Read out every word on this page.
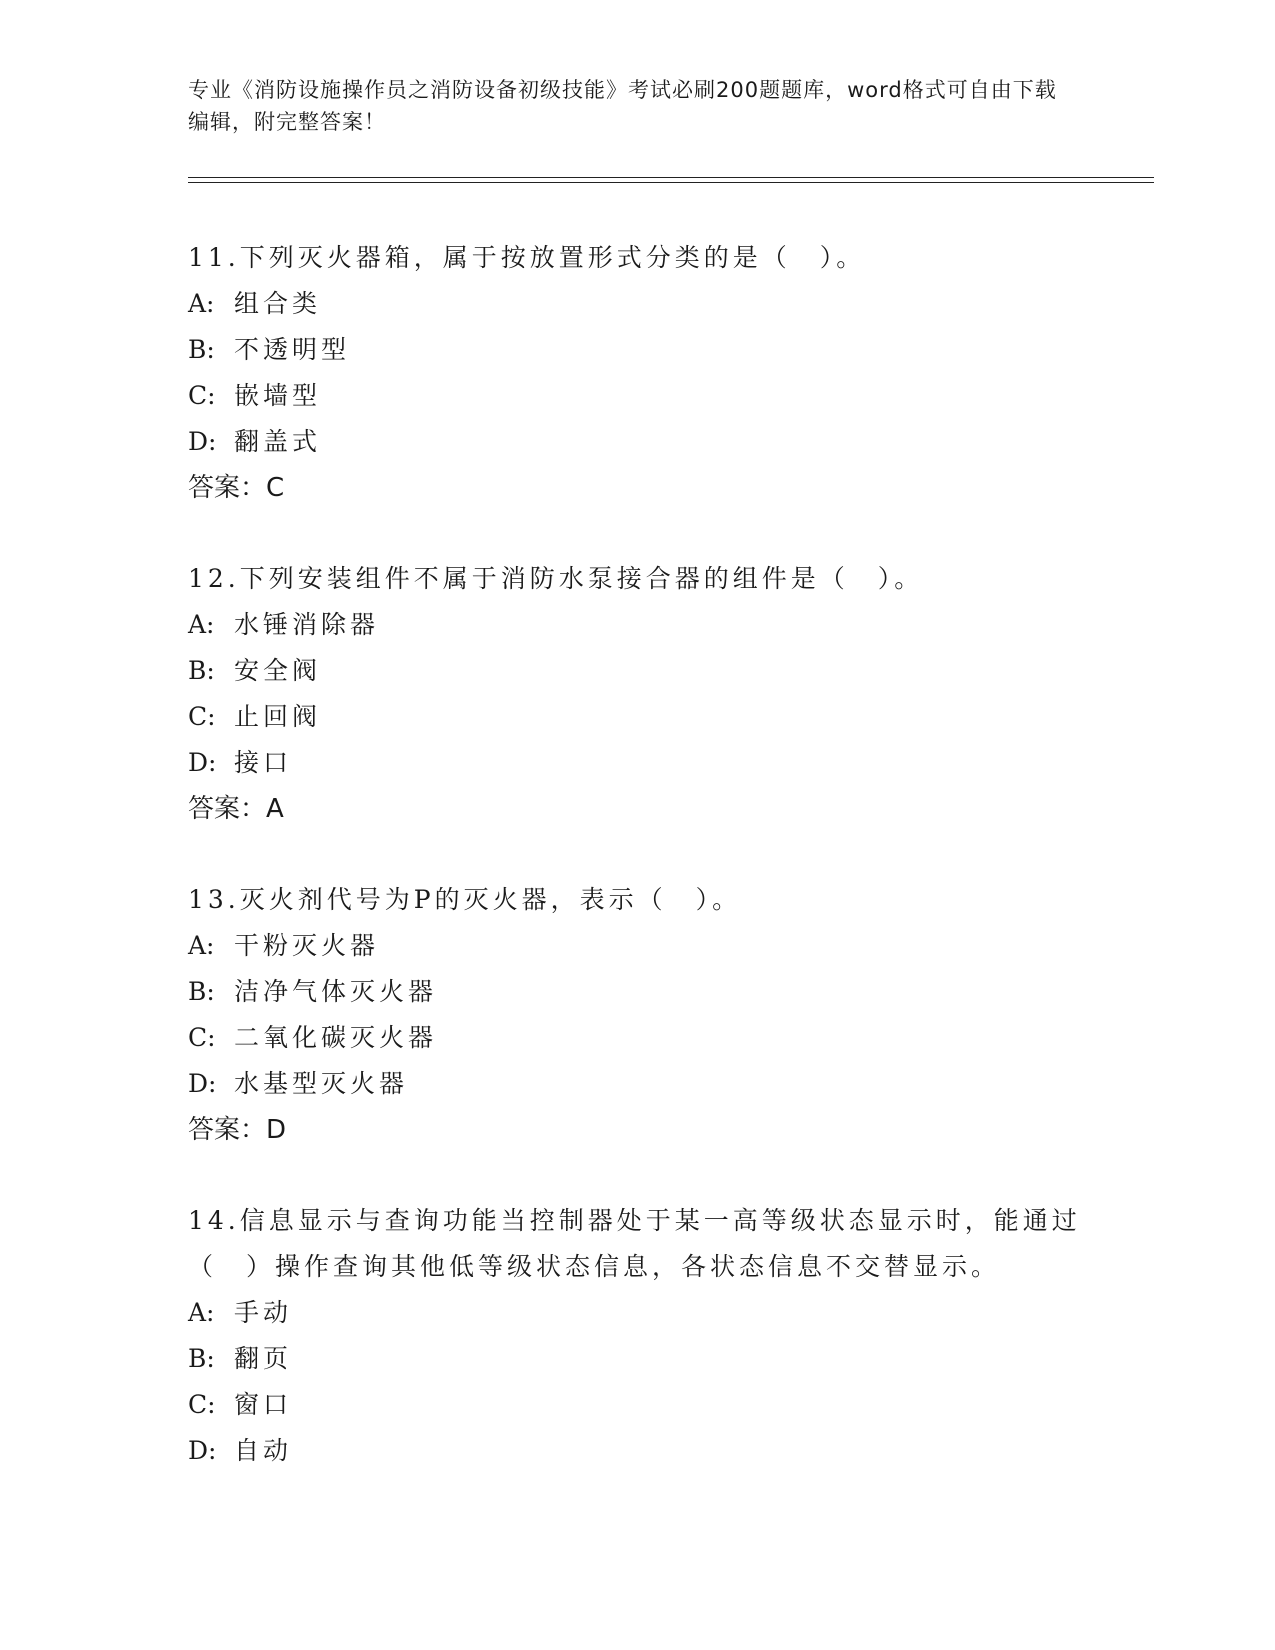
专业《消防设施操作员之消防设备初级技能》考试必刷200题题库，word格式可自由下载编辑，附完整答案！

11.下列灭火器箱，属于按放置形式分类的是（　）。

A: 组合类

B: 不透明型

C: 嵌墙型

D: 翻盖式

答案：C

12.下列安装组件不属于消防水泵接合器的组件是（　）。

A: 水锤消除器

B: 安全阀

C: 止回阀

D: 接口

答案：A

13.灭火剂代号为P的灭火器，表示（　）。

A: 干粉灭火器

B: 洁净气体灭火器

C: 二氧化碳灭火器

D: 水基型灭火器

答案：D

14.信息显示与查询功能当控制器处于某一高等级状态显示时，能通过（　）操作查询其他低等级状态信息，各状态信息不交替显示。

A: 手动

B: 翻页

C: 窗口

D: 自动
